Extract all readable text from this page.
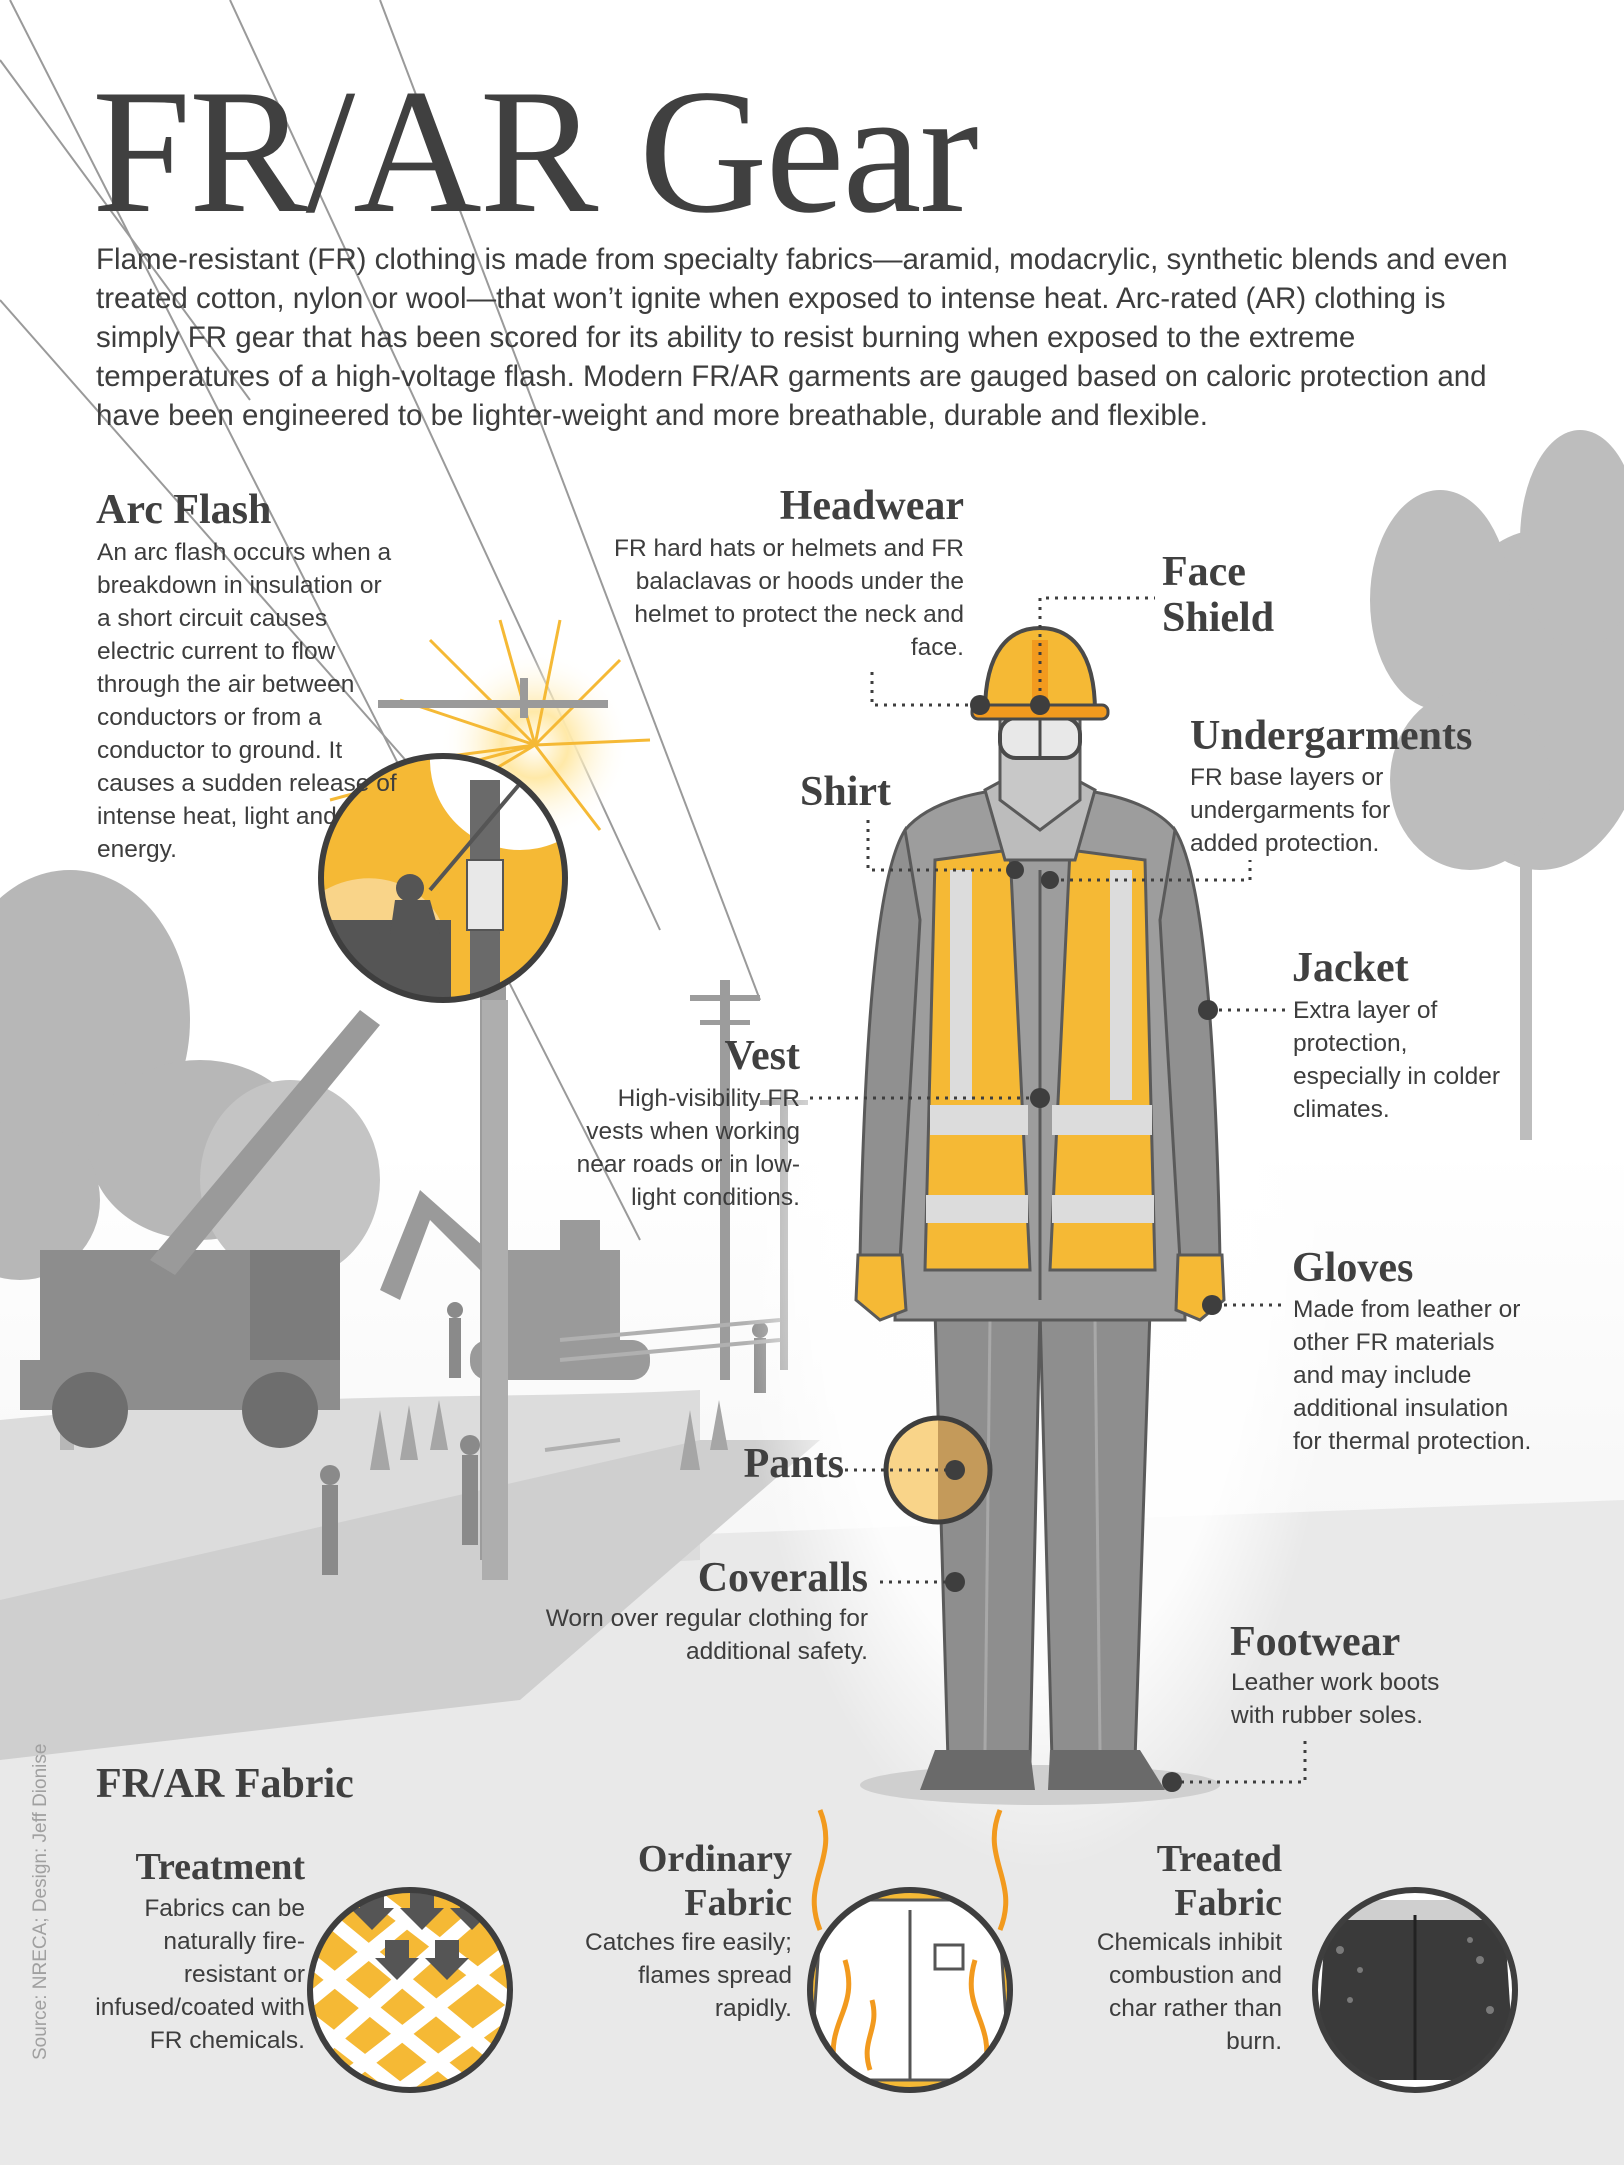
FR/AR Gear

Flame-resistant (FR) clothing is made from specialty fabrics—aramid, modacrylic, synthetic blends and even treated cotton, nylon or wool—that won’t ignite when exposed to intense heat. Arc-rated (AR) clothing is simply FR gear that has been scored for its ability to resist burning when exposed to the extreme temperatures of a high-voltage flash. Modern FR/AR garments are gauged based on caloric protection and have been engineered to be lighter-weight and more breathable, durable and flexible.

Arc Flash

An arc flash occurs when a breakdown in insulation or a short circuit causes electric current to flow through the air between conductors or from a conductor to ground. It causes a sudden release of intense heat, light and energy.

Headwear

FR hard hats or helmets and FR balaclavas or hoods under the helmet to protect the neck and face.

Face
Shield
Undergarments

FR base layers or undergarments for added protection.

Shirt
Jacket

Extra layer of protection, especially in colder climates.

Vest

High-visibility FR vests when working near roads or in low-light conditions.

Gloves

Made from leather or other FR materials and may include additional insulation for thermal protection.

Pants
Coveralls

Worn over regular clothing for additional safety.	Footwear

Leather work boots with rubber soles.

FR/AR Fabric
Treatment

Fabrics can be naturally fire-resistant or infused/coated with FR chemicals.

Ordinary
Fabric

Catches fire easily; flames spread rapidly.

Treated
Fabric

Chemicals inhibit combustion and char rather than burn.

Source: NRECA; Design: Jeff Dionise
